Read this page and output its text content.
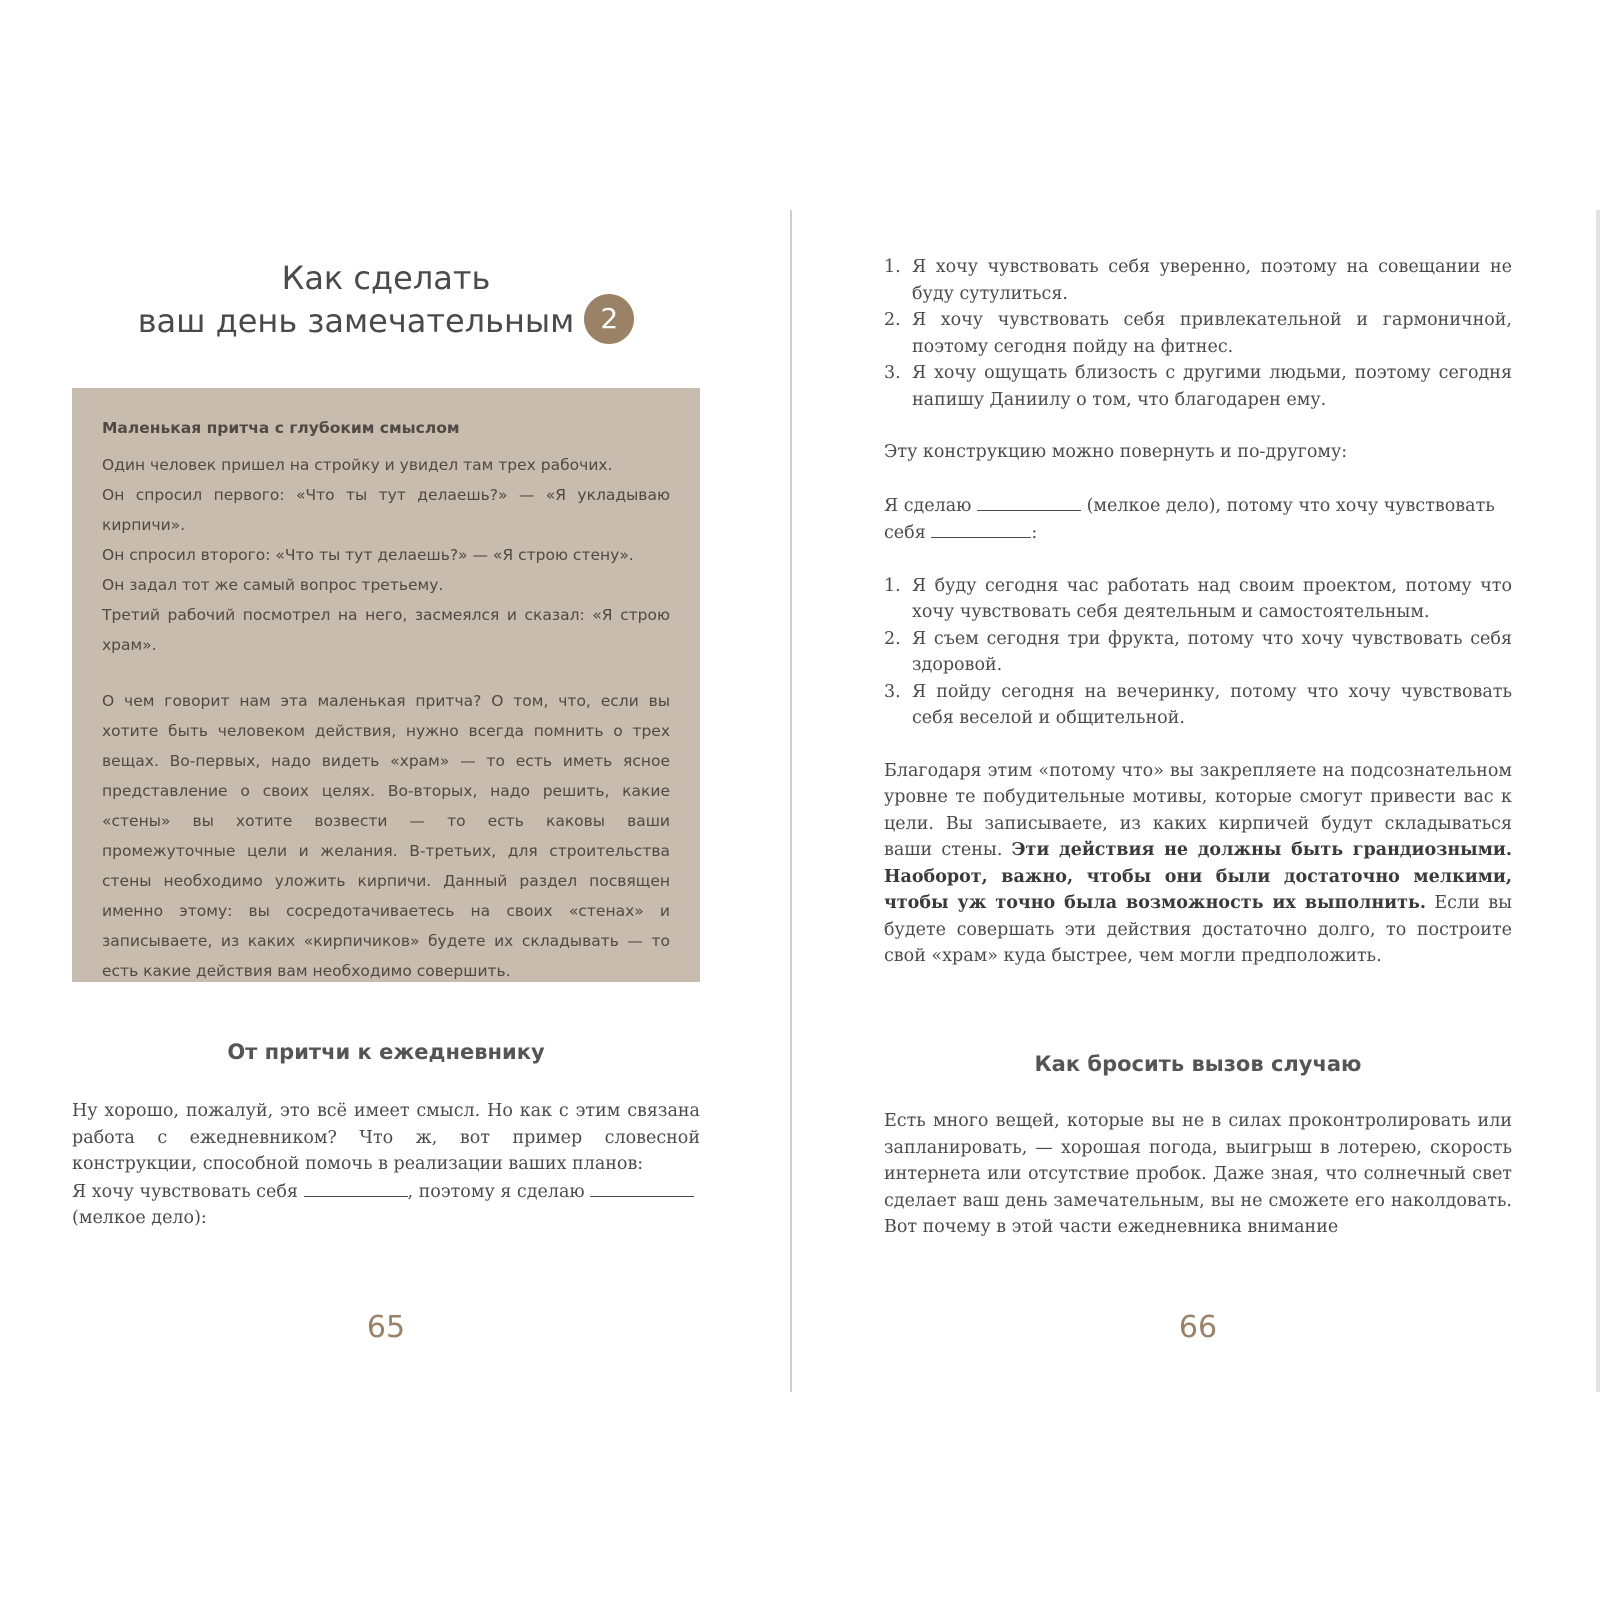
Как сделать
ваш день замечательным 2

Маленькая притча с глубоким смыслом

Один человек пришел на стройку и увидел там трех рабочих.

Он спросил первого: «Что ты тут делаешь?» — «Я укладываю кирпичи».

Он спросил второго: «Что ты тут делаешь?» — «Я строю стену».

Он задал тот же самый вопрос третьему.

Третий рабочий посмотрел на него, засмеялся и сказал: «Я строю храм».

О чем говорит нам эта маленькая притча? О том, что, если вы хотите быть человеком действия, нужно всегда помнить о трех вещах. Во-первых, надо видеть «храм» — то есть иметь ясное представление о своих целях. Во-вторых, надо решить, какие «стены» вы хотите возвести — то есть каковы ваши промежуточные цели и желания. В-третьих, для строительства стены необходимо уложить кирпичи. Данный раздел посвящен именно этому: вы сосредотачиваетесь на своих «стенах» и записываете, из каких «кирпичиков» будете их складывать — то есть какие действия вам необходимо совершить.

От притчи к ежедневнику

Ну хорошо, пожалуй, это всё имеет смысл. Но как с этим связана работа с ежедневником? Что ж, вот пример словесной конструкции, способной помочь в реализации ваших планов:

Я хочу чувствовать себя	, поэтому я сделаю
(мелкое дело):

65
1. Я хочу чувствовать себя уверенно, поэтому на совещании не буду сутулиться.
2. Я хочу чувствовать себя привлекательной и гармоничной, поэтому сегодня пойду на фитнес.
3. Я хочу ощущать близость с другими людьми, поэтому сегодня напишу Даниилу о том, что благодарен ему.

Эту конструкцию можно повернуть и по-другому:

Я сделаю	(мелкое дело), потому что хочу чувствовать себя	:

1. Я буду сегодня час работать над своим проектом, потому что хочу чувствовать себя деятельным и самостоятельным.
2. Я съем сегодня три фрукта, потому что хочу чувствовать себя здоровой.
3. Я пойду сегодня на вечеринку, потому что хочу чувствовать себя веселой и общительной.

Благодаря этим «потому что» вы закрепляете на подсознательном уровне те побудительные мотивы, которые смогут привести вас к цели. Вы записываете, из каких кирпичей будут складываться ваши стены. Эти действия не должны быть грандиозными. Наоборот, важно, чтобы они были достаточно мелкими, чтобы уж точно была возможность их выполнить. Если вы будете совершать эти действия достаточно долго, то построите свой «храм» куда быстрее, чем могли предположить.

Как бросить вызов случаю

Есть много вещей, которые вы не в силах проконтролировать или запланировать, — хорошая погода, выигрыш в лотерею, скорость интернета или отсутствие пробок. Даже зная, что солнечный свет сделает ваш день замечательным, вы не сможете его наколдовать. Вот почему в этой части ежедневника внимание

66
